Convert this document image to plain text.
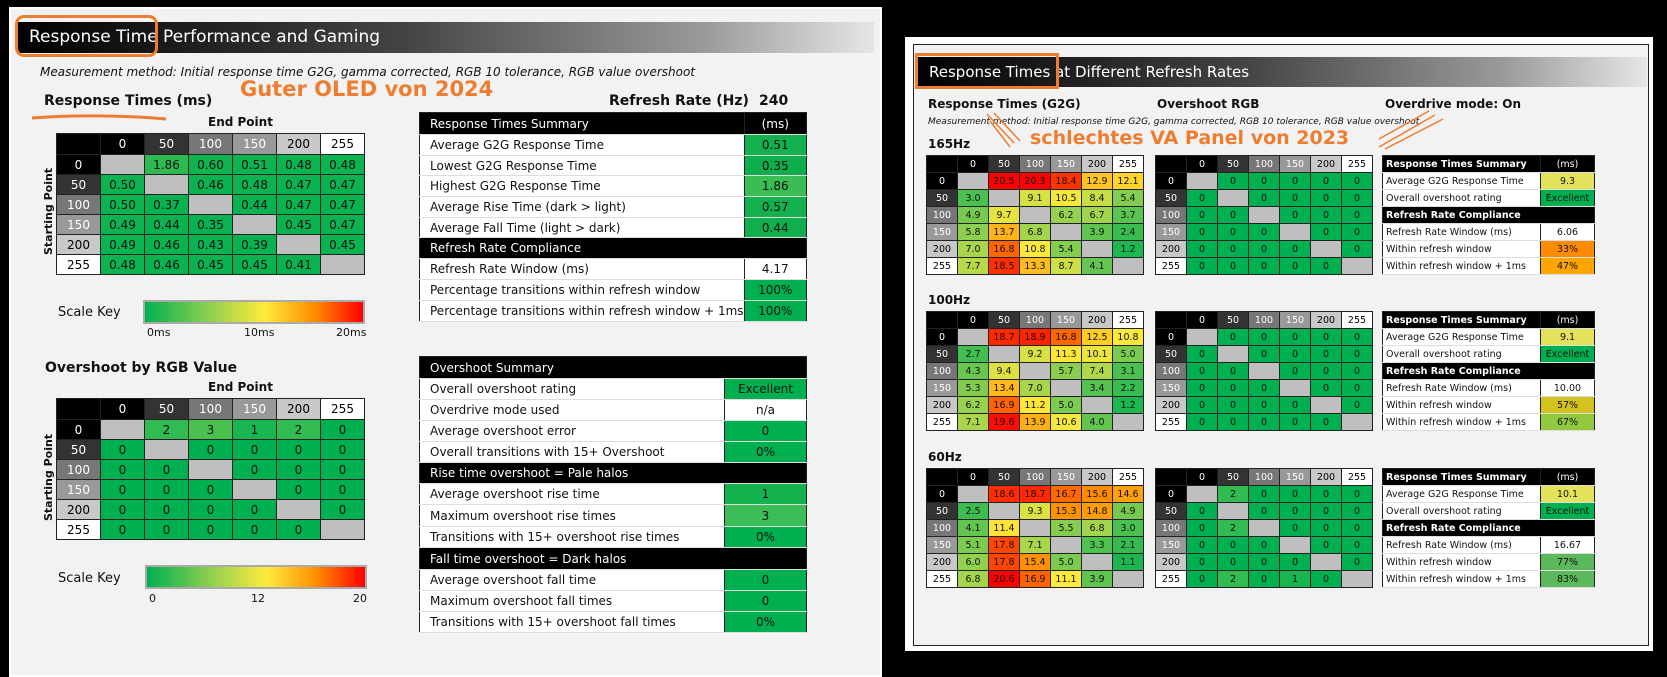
Response Time Performance and Gaming
Measurement method: Initial response time G2G, gamma corrected, RGB 10 tolerance, RGB value overshoot
Guter OLED von 2024
Response Times (ms)	Refresh Rate (Hz) 240
End Point
Starting Point
	0	50	100	150	200	255
0		1.86	0.60	0.51	0.48	0.48
50	0.50		0.46	0.48	0.47	0.47
100	0.50	0.37		0.44	0.47	0.47
150	0.49	0.44	0.35		0.45	0.47
200	0.49	0.46	0.43	0.39		0.45
255	0.48	0.46	0.45	0.45	0.41	
Scale Key
0ms	10ms	20ms
Overshoot by RGB Value
End Point
Starting Point
	0	50	100	150	200	255
0		2	3	1	2	0
50	0		0	0	0	0
100	0	0		0	0	0
150	0	0	0		0	0
200	0	0	0	0		0
255	0	0	0	0	0	
Scale Key
0	12	20
Response Times Summary	(ms)
Average G2G Response Time	0.51
Lowest G2G Response Time	0.35
Highest G2G Response Time	1.86
Average Rise Time (dark > light)	0.57
Average Fall Time (light > dark)	0.44
Refresh Rate Compliance	
Refresh Rate Window (ms)	4.17
Percentage transitions within refresh window	100%
Percentage transitions within refresh window + 1ms	100%
Overshoot Summary	
Overall overshoot rating	Excellent
Overdrive mode used	n/a
Average overshoot error	0
Overall transitions with 15+ Overshoot	0%
Rise time overshoot = Pale halos	
Average overshoot rise time	1
Maximum overshoot rise times	3
Transitions with 15+ overshoot rise times	0%
Fall time overshoot = Dark halos	
Average overshoot fall time	0
Maximum overshoot fall times	0
Transitions with 15+ overshoot fall times	0%
Response Times at Different Refresh Rates
Response Times (G2G)	Overshoot RGB	Overdrive mode: On
Measurement method: Initial response time G2G, gamma corrected, RGB 10 tolerance, RGB value overshoot
schlechtes VA Panel von 2023
165Hz
	0	50	100	150	200	255
0		20.5	20.3	18.4	12.9	12.1
50	3.0		9.1	10.5	8.4	5.4
100	4.9	9.7		6.2	6.7	3.7
150	5.8	13.7	6.8		3.9	2.4
200	7.0	16.8	10.8	5.4		1.2
255	7.7	18.5	13.3	8.7	4.1	
	0	50	100	150	200	255
0		0	0	0	0	0
50	0		0	0	0	0
100	0	0		0	0	0
150	0	0	0		0	0
200	0	0	0	0		0
255	0	0	0	0	0	
Response Times Summary	(ms)
Average G2G Response Time	9.3
Overall overshoot rating	Excellent
Refresh Rate Compliance	
Refresh Rate Window (ms)	6.06
Within refresh window	33%
Within refresh window + 1ms	47%
100Hz
	0	50	100	150	200	255
0		18.7	18.9	16.8	12.5	10.8
50	2.7		9.2	11.3	10.1	5.0
100	4.3	9.4		5.7	7.4	3.1
150	5.3	13.4	7.0		3.4	2.2
200	6.2	16.9	11.2	5.0		1.2
255	7.1	19.6	13.9	10.6	4.0	
	0	50	100	150	200	255
0		0	0	0	0	0
50	0		0	0	0	0
100	0	0		0	0	0
150	0	0	0		0	0
200	0	0	0	0		0
255	0	0	0	0	0	
Response Times Summary	(ms)
Average G2G Response Time	9.1
Overall overshoot rating	Excellent
Refresh Rate Compliance	
Refresh Rate Window (ms)	10.00
Within refresh window	57%
Within refresh window + 1ms	67%
60Hz
	0	50	100	150	200	255
0		18.6	18.7	16.7	15.6	14.6
50	2.5		9.3	15.3	14.8	4.9
100	4.1	11.4		5.5	6.8	3.0
150	5.1	17.8	7.1		3.3	2.1
200	6.0	17.8	15.4	5.0		1.1
255	6.8	20.6	16.9	11.1	3.9	
	0	50	100	150	200	255
0		2	0	0	0	0
50	0		0	0	0	0
100	0	2		0	0	0
150	0	0	0		0	0
200	0	0	0	0		0
255	0	2	0	1	0	
Response Times Summary	(ms)
Average G2G Response Time	10.1
Overall overshoot rating	Excellent
Refresh Rate Compliance	
Refresh Rate Window (ms)	16.67
Within refresh window	77%
Within refresh window + 1ms	83%
